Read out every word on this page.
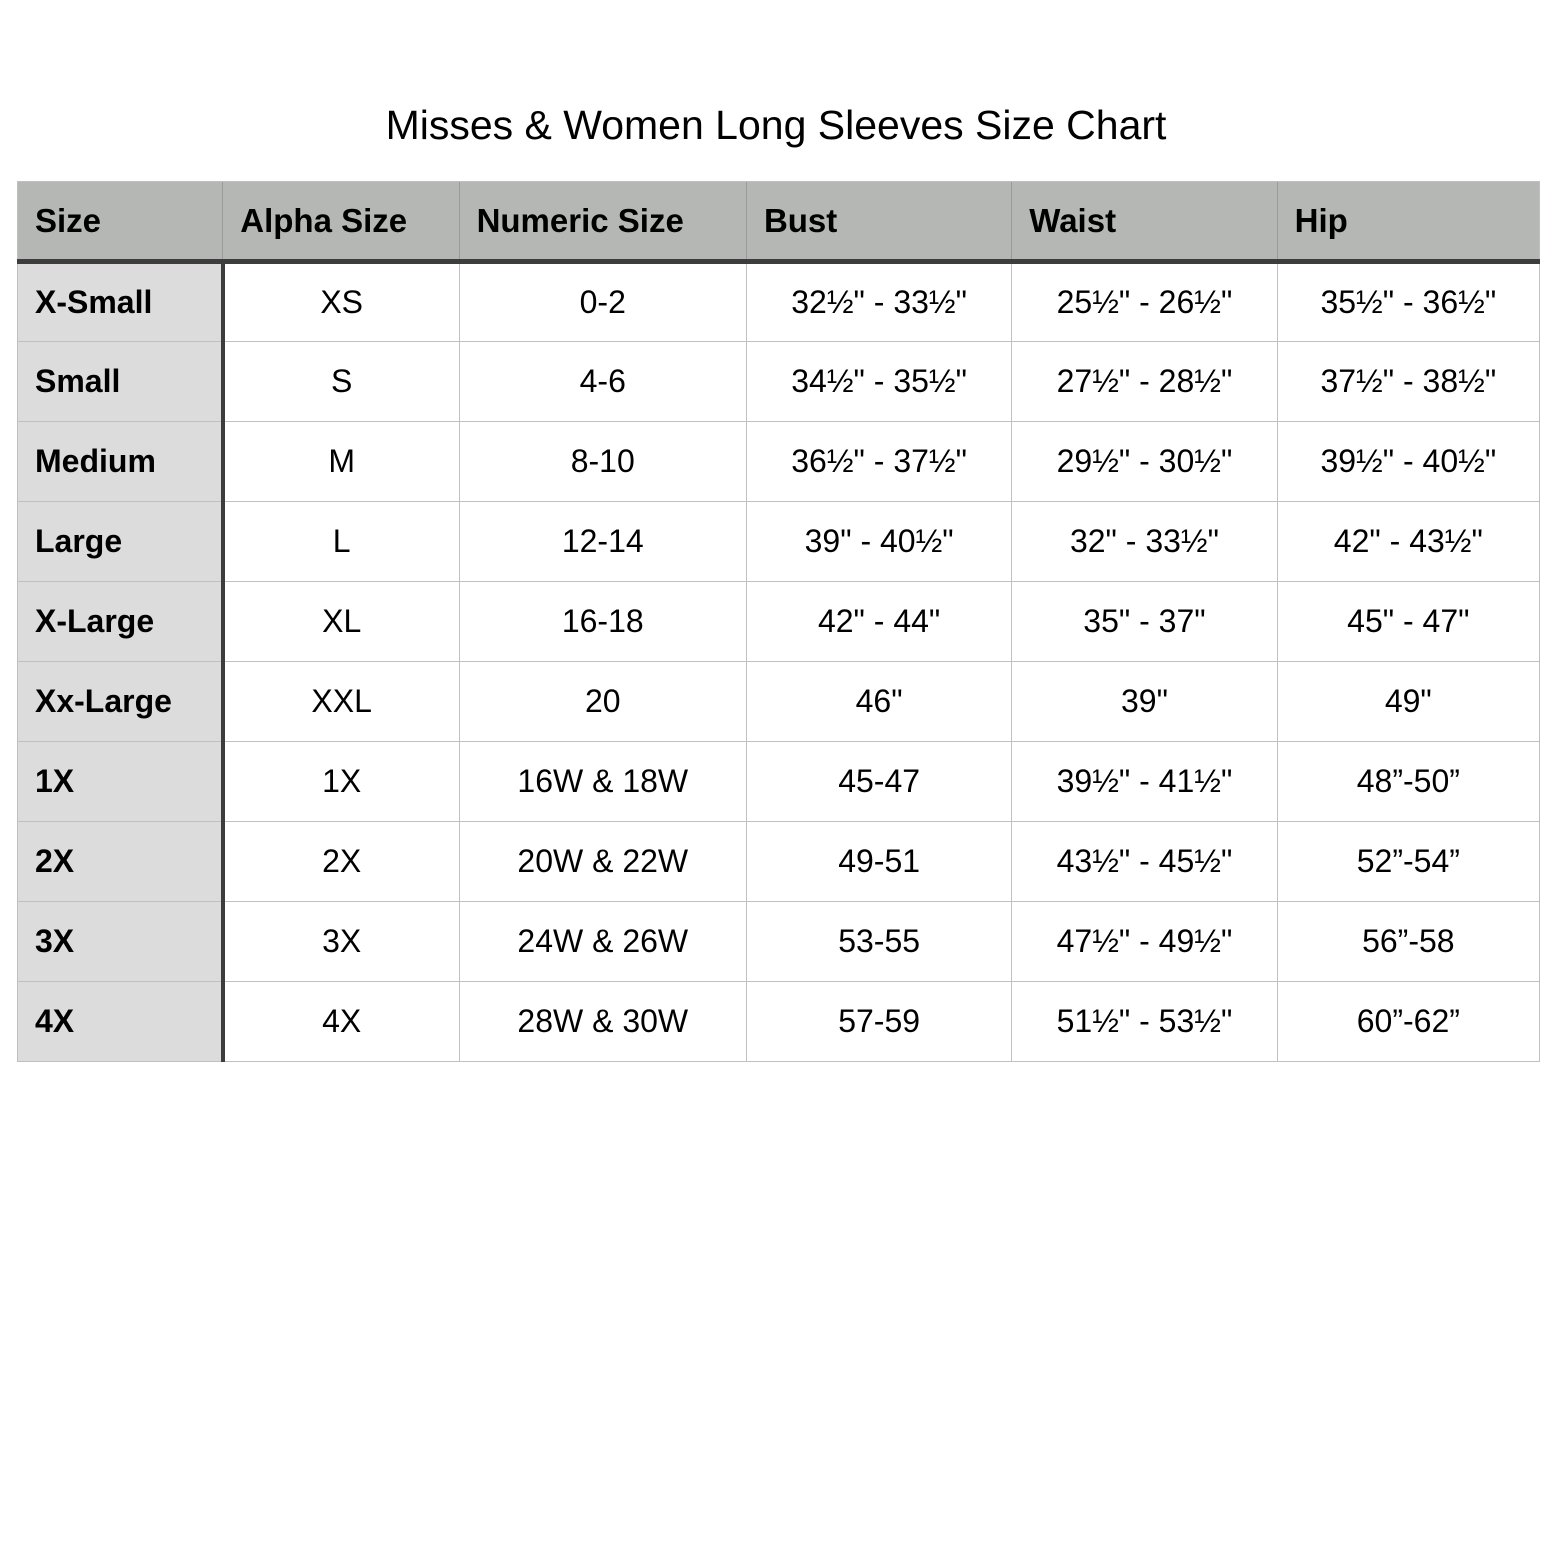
Misses & Women Long Sleeves Size Chart
Size	Alpha Size	Numeric Size	Bust	Waist	Hip
X-Small	XS	0-2	32½" - 33½"	25½" - 26½"	35½" - 36½"
Small	S	4-6	34½" - 35½"	27½" - 28½"	37½" - 38½"
Medium	M	8-10	36½" - 37½"	29½" - 30½"	39½" - 40½"
Large	L	12-14	39" - 40½"	32" - 33½"	42" - 43½"
X-Large	XL	16-18	42" - 44"	35" - 37"	45" - 47"
Xx-Large	XXL	20	46"	39"	49"
1X	1X	16W & 18W	45-47	39½" - 41½"	48”-50”
2X	2X	20W & 22W	49-51	43½" - 45½"	52”-54”
3X	3X	24W & 26W	53-55	47½" - 49½"	56”-58
4X	4X	28W & 30W	57-59	51½" - 53½"	60”-62”
